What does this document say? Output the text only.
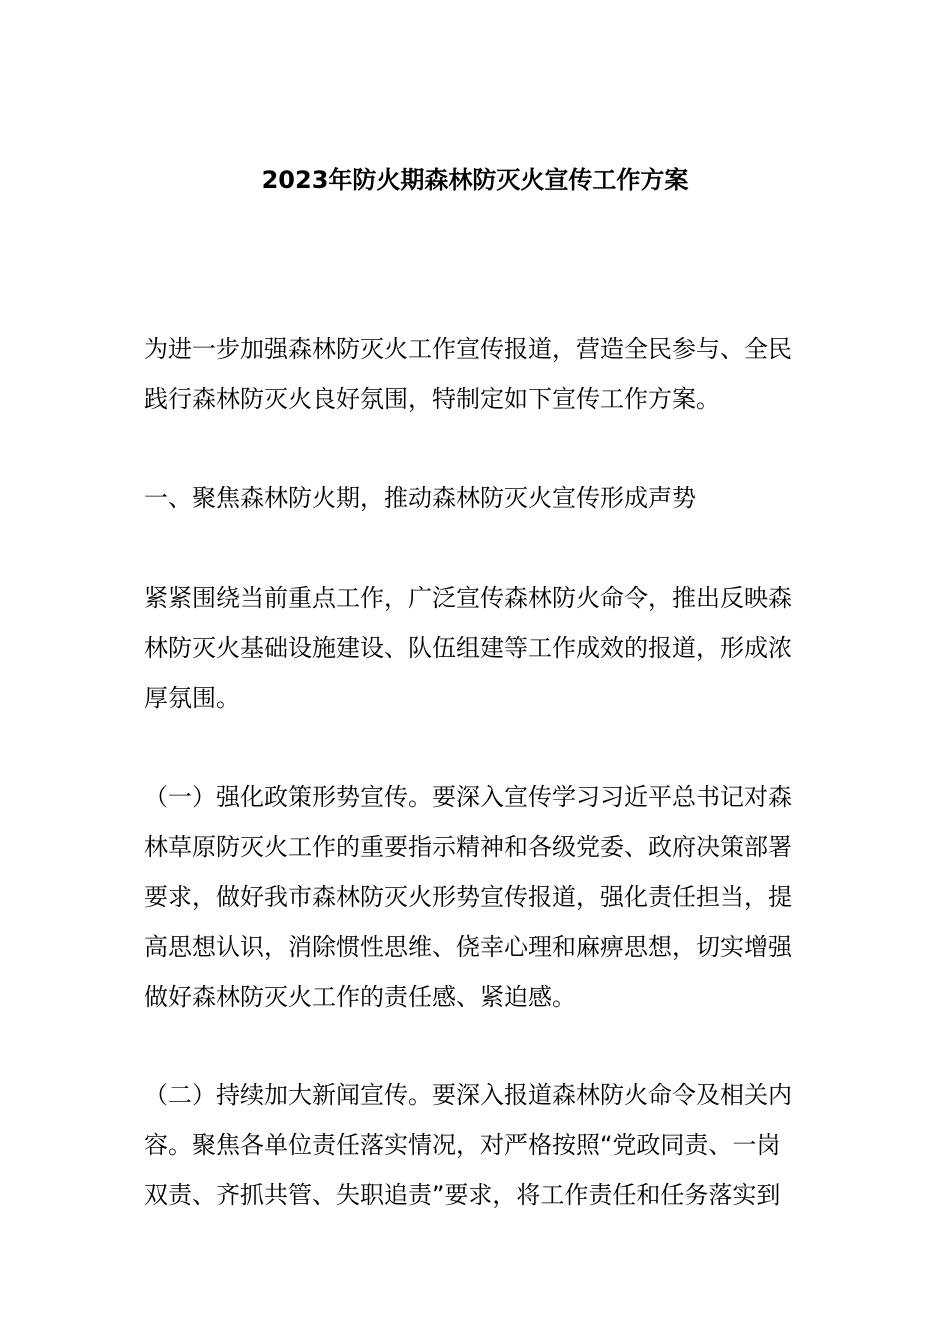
2023年防火期森林防灭火宣传工作方案
为进一步加强森林防灭火工作宣传报道，营造全民参与、全民
践行森林防灭火良好氛围，特制定如下宣传工作方案。
一、聚焦森林防火期，推动森林防灭火宣传形成声势
紧紧围绕当前重点工作，广泛宣传森林防火命令，推出反映森
林防灭火基础设施建设、队伍组建等工作成效的报道，形成浓
厚氛围。
（一）强化政策形势宣传。要深入宣传学习习近平总书记对森
林草原防灭火工作的重要指示精神和各级党委、政府决策部署
要求，做好我市森林防灭火形势宣传报道，强化责任担当，提
高思想认识，消除惯性思维、侥幸心理和麻痹思想，切实增强
做好森林防灭火工作的责任感、紧迫感。
（二）持续加大新闻宣传。要深入报道森林防火命令及相关内
容。聚焦各单位责任落实情况，对严格按照“党政同责、一岗
双责、齐抓共管、失职追责”要求，将工作责任和任务落实到
